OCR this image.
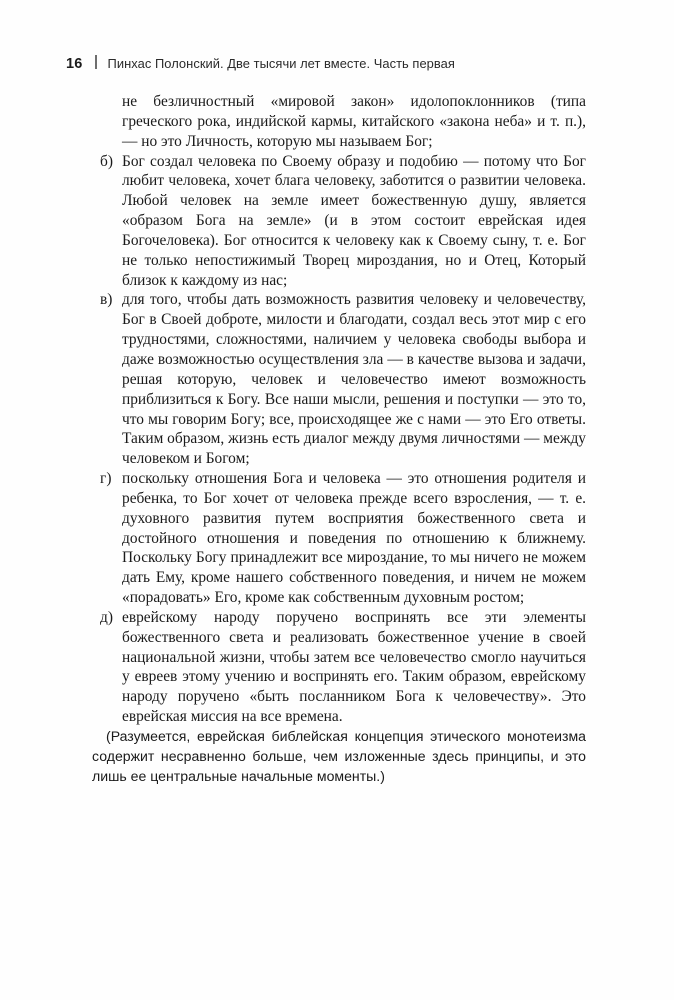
16 Пинхас Полонский. Две тысячи лет вместе. Часть первая

не безличностный «мировой закон» идолопоклонников (типа греческого рока, индийской кармы, китайского «закона неба» и т. п.), — но это Личность, которую мы называем Бог;

б) Бог создал человека по Своему образу и подобию — потому что Бог любит человека, хочет блага человеку, заботится о развитии человека. Любой человек на земле имеет божественную душу, является «образом Бога на земле» (и в этом состоит еврейская идея Богочеловека). Бог относится к человеку как к Своему сыну, т. е. Бог не только непостижимый Творец мироздания, но и Отец, Который близок к каждому из нас;
в) для того, чтобы дать возможность развития человеку и человечеству, Бог в Своей доброте, милости и благодати, создал весь этот мир с его трудностями, сложностями, наличием у человека свободы выбора и даже возможностью осуществления зла — в качестве вызова и задачи, решая которую, человек и человечество имеют возможность приблизиться к Богу. Все наши мысли, решения и поступки — это то, что мы говорим Богу; все, происходящее же с нами — это Его ответы. Таким образом, жизнь есть диалог между двумя личностями — между человеком и Богом;
г) поскольку отношения Бога и человека — это отношения родителя и ребенка, то Бог хочет от человека прежде всего взросления, — т. е. духовного развития путем восприятия божественного света и достойного отношения и поведения по отношению к ближнему. Поскольку Богу принадлежит все мироздание, то мы ничего не можем дать Ему, кроме нашего собственного поведения, и ничем не можем «порадовать» Его, кроме как собственным духовным ростом;
д) еврейскому народу поручено воспринять все эти элементы божественного света и реализовать божественное учение в своей национальной жизни, чтобы затем все человечество смогло научиться у евреев этому учению и воспринять его. Таким образом, еврейскому народу поручено «быть посланником Бога к человечеству». Это еврейская миссия на все времена.

(Разумеется, еврейская библейская концепция этического монотеизма содержит несравненно больше, чем изложенные здесь принципы, и это лишь ее центральные начальные моменты.)
